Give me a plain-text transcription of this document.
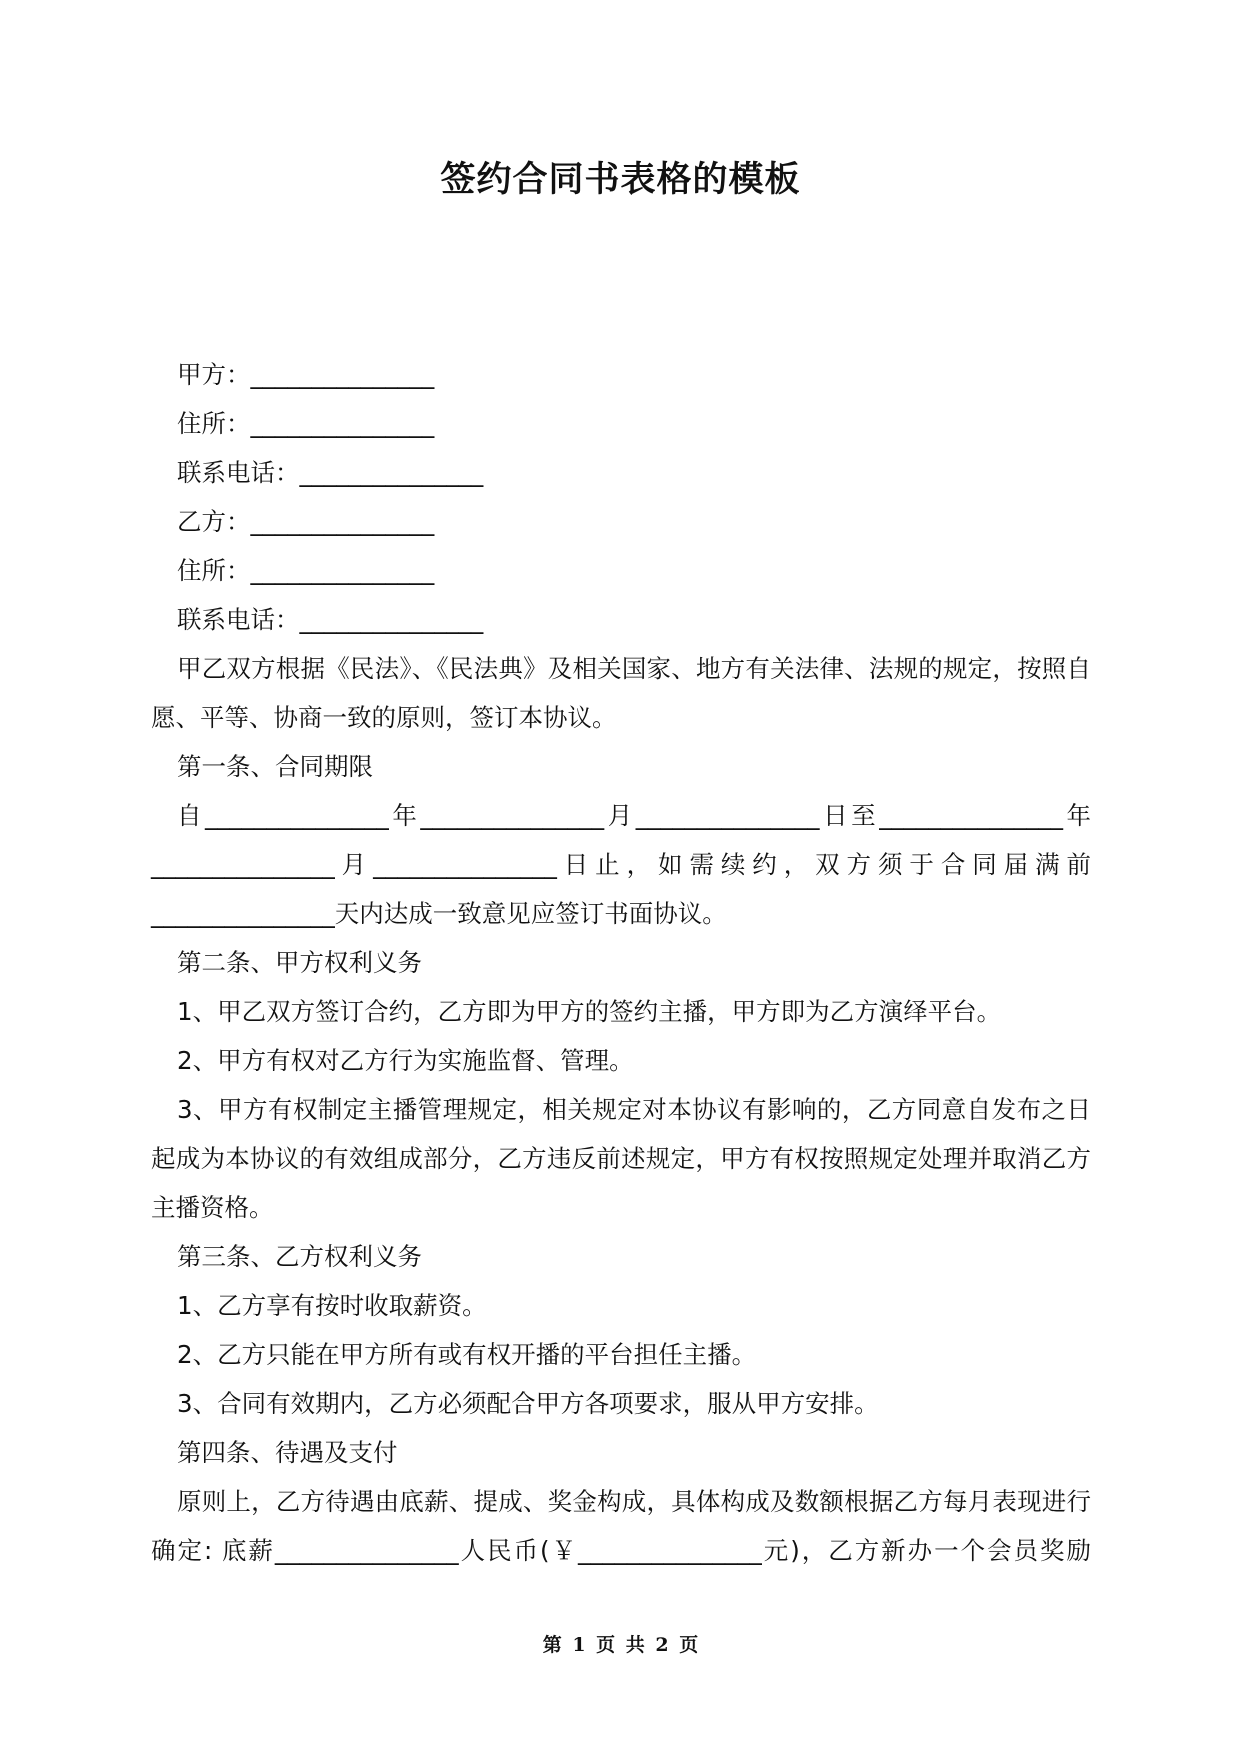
签约合同书表格的模板

甲方：_______________

住所：_______________

联系电话：_______________

乙方：_______________

住所：_______________

联系电话：_______________

甲乙双方根据《民法》、《民法典》及相关国家、地方有关法律、法规的规定，按照自愿、平等、协商一致的原则，签订本协议。

第一条、合同期限

自_______________年_______________月_______________日至_______________年_______________月_______________日止，如需续约，双方须于合同届满前_______________天内达成一致意见应签订书面协议。

第二条、甲方权利义务

1、甲乙双方签订合约，乙方即为甲方的签约主播，甲方即为乙方演绎平台。

2、甲方有权对乙方行为实施监督、管理。

3、甲方有权制定主播管理规定，相关规定对本协议有影响的，乙方同意自发布之日起成为本协议的有效组成部分，乙方违反前述规定，甲方有权按照规定处理并取消乙方主播资格。

第三条、乙方权利义务

1、乙方享有按时收取薪资。

2、乙方只能在甲方所有或有权开播的平台担任主播。

3、合同有效期内，乙方必须配合甲方各项要求，服从甲方安排。

第四条、待遇及支付

原则上，乙方待遇由底薪、提成、奖金构成，具体构成及数额根据乙方每月表现进行确定: 底薪_______________人民币(￥_______________元)，乙方新办一个会员奖励

第 1 页 共 2 页
